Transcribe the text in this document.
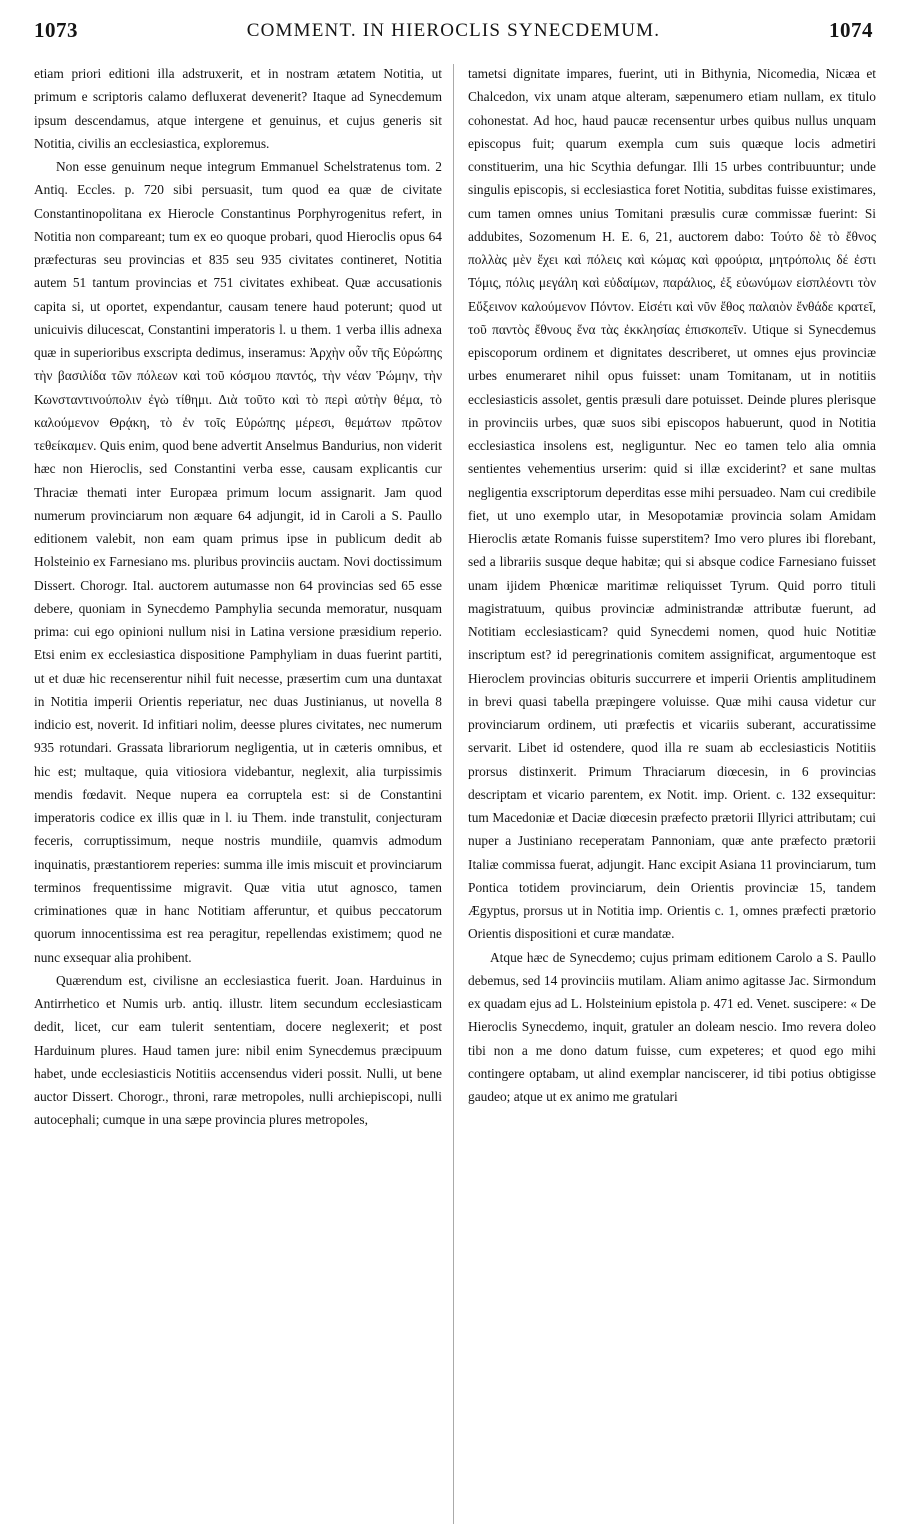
1073	COMMENT. IN HIEROCLIS SYNECDEMUM.	1074

etiam priori editioni illa adstruxerit, et in nostram ætatem Notitia, ut primum e scriptoris calamo defluxerat devenerit? Itaque ad Synecdemum ipsum descendamus, atque intergene et genuinus, et cujus generis sit Notitia, civilis an ecclesiastica, exploremus.

Non esse genuinum neque integrum Emmanuel Schelstratenus tom. 2 Antiq. Eccles. p. 720 sibi persuasit, tum quod ea quæ de civitate Constantinopolitana ex Hierocle Constantinus Porphyrogenitus refert, in Notitia non compareant; tum ex eo quoque probari, quod Hieroclis opus 64 præfecturas seu provincias et 835 seu 935 civitates contineret, Notitia autem 51 tantum provincias et 751 civitates exhibeat. Quæ accusationis capita si, ut oportet, expendantur, causam tenere haud poterunt; quod ut unicuivis dilucescat, Constantini imperatoris l. u them. 1 verba illis adnexa quæ in superioribus exscripta dedimus, inseramus: Ἀρχὴν οὖν τῆς Εὐρώπης τὴν βασιλίδα τῶν πόλεων καὶ τοῦ κόσμου παντός, τὴν νέαν Ῥώμην, τὴν Κωνσταντινούπολιν ἐγὼ τίθημι. Διὰ τοῦτο καὶ τὸ περὶ αὐτὴν θέμα, τὸ καλούμενον Θρᾴκη, τὸ ἐν τοῖς Εὐρώπης μέρεσι, θεμάτων πρῶτον τεθείκαμεν. Quis enim, quod bene advertit Anselmus Bandurius, non viderit hæc non Hieroclis, sed Constantini verba esse, causam explicantis cur Thraciæ themati inter Europæa primum locum assignarit. Jam quod numerum provinciarum non æquare 64 adjungit, id in Caroli a S. Paullo editionem valebit, non eam quam primus ipse in publicum dedit ab Holsteinio ex Farnesiano ms. pluribus provinciis auctam. Novi doctissimum Dissert. Chorogr. Ital. auctorem autumasse non 64 provincias sed 65 esse debere, quoniam in Synecdemo Pamphylia secunda memoratur, nusquam prima: cui ego opinioni nullum nisi in Latina versione præsidium reperio. Etsi enim ex ecclesiastica dispositione Pamphyliam in duas fuerint partiti, ut et duæ hic recenserentur nihil fuit necesse, præsertim cum una duntaxat in Notitia imperii Orientis reperiatur, nec duas Justinianus, ut novella 8 indicio est, noverit. Id infitiari nolim, deesse plures civitates, nec numerum 935 rotundari. Grassata librariorum negligentia, ut in cæteris omnibus, et hic est; multaque, quia vitiosiora videbantur, neglexit, alia turpissimis mendis fœdavit. Neque nupera ea corruptela est: si de Constantini imperatoris codice ex illis quæ in l. iu Them. inde transtulit, conjecturam feceris, corruptissimum, neque nostris mundiile, quamvis admodum inquinatis, præstantiorem reperies: summa ille imis miscuit et provinciarum terminos frequentissime migravit. Quæ vitia utut agnosco, tamen criminationes quæ in hanc Notitiam afferuntur, et quibus peccatorum quorum innocentissima est rea peragitur, repellendas existimem; quod ne nunc exsequar alia prohibent.

Quærendum est, civilisne an ecclesiastica fuerit. Joan. Harduinus in Antirrhetico et Numis urb. antiq. illustr. litem secundum ecclesiasticam dedit, licet, cur eam tulerit sententiam, docere neglexerit; et post Harduinum plures. Haud tamen jure: nibil enim Synecdemus præcipuum habet, unde ecclesiasticis Notitiis accensendus videri possit. Nulli, ut bene auctor Dissert. Chorogr., throni, raræ metropoles, nulli archiepiscopi, nulli autocephali; cumque in una sæpe provincia plures metropoles,

tametsi dignitate impares, fuerint, uti in Bithynia, Nicomedia, Nicæa et Chalcedon, vix unam atque alteram, sæpenumero etiam nullam, ex titulo cohonestat. Ad hoc, haud paucæ recensentur urbes quibus nullus unquam episcopus fuit; quarum exempla cum suis quæque locis admetiri constituerim, una hic Scythia defungar. Illi 15 urbes contribuuntur; unde singulis episcopis, si ecclesiastica foret Notitia, subditas fuisse existimares, cum tamen omnes unius Tomitani præsulis curæ commissæ fuerint: Si addubites, Sozomenum H. E. 6, 21, auctorem dabo: Τούτο δὲ τὸ ἔθνος πολλὰς μὲν ἔχει καὶ πόλεις καὶ κώμας καὶ φρούρια, μητρόπολις δέ ἐστι Τόμις, πόλις μεγάλη καὶ εὐδαίμων, παράλιος, ἐξ εὐωνύμων εἰσπλέοντι τὸν Εὔξεινον καλούμενον Πόντον. Εἰσέτι καὶ νῦν ἔθος παλαιὸν ἔνθάδε κρατεῖ, τοῦ παντὸς ἔθνους ἕνα τὰς ἐκκλησίας ἐπισκοπεῖν. Utique si Synecdemus episcoporum ordinem et dignitates describeret, ut omnes ejus provinciæ urbes enumeraret nihil opus fuisset: unam Tomitanam, ut in notitiis ecclesiasticis assolet, gentis præsuli dare potuisset. Deinde plures plerisque in provinciis urbes, quæ suos sibi episcopos habuerunt, quod in Notitia ecclesiastica insolens est, negliguntur. Nec eo tamen telo alia omnia sentientes vehementius urserim: quid si illæ exciderint? et sane multas negligentia exscriptorum deperditas esse mihi persuadeo. Nam cui credibile fiet, ut uno exemplo utar, in Mesopotamiæ provincia solam Amidam Hieroclis ætate Romanis fuisse superstitem? Imo vero plures ibi florebant, sed a librariis susque deque habitæ; qui si absque codice Farnesiano fuisset unam ijidem Phœnicæ maritimæ reliquisset Tyrum. Quid porro tituli magistratuum, quibus provinciæ administrandæ attributæ fuerunt, ad Notitiam ecclesiasticam? quid Synecdemi nomen, quod huic Notitiæ inscriptum est? id peregrinationis comitem assignificat, argumentoque est Hieroclem provincias obituris succurrere et imperii Orientis amplitudinem in brevi quasi tabella præpingere voluisse. Quæ mihi causa videtur cur provinciarum ordinem, uti præfectis et vicariis suberant, accuratissime servarit. Libet id ostendere, quod illa re suam ab ecclesiasticis Notitiis prorsus distinxerit. Primum Thraciarum diœcesin, in 6 provincias descriptam et vicario parentem, ex Notit. imp. Orient. c. 132 exsequitur: tum Macedoniæ et Daciæ diœcesin præfecto prætorii Illyrici attributam; cui nuper a Justiniano receperatam Pannoniam, quæ ante præfecto prætorii Italiæ commissa fuerat, adjungit. Hanc excipit Asiana 11 provinciarum, tum Pontica totidem provinciarum, dein Orientis provinciæ 15, tandem Ægyptus, prorsus ut in Notitia imp. Orientis c. 1, omnes præfecti prætorio Orientis dispositioni et curæ mandatæ.

Atque hæc de Synecdemo; cujus primam editionem Carolo a S. Paullo debemus, sed 14 provinciis mutilam. Aliam animo agitasse Jac. Sirmondum ex quadam ejus ad L. Holsteinium epistola p. 471 ed. Venet. suscipere: « De Hieroclis Synecdemo, inquit, gratuler an doleam nescio. Imo revera doleo tibi non a me dono datum fuisse, cum expeteres; et quod ego mihi contingere optabam, ut alind exemplar nanciscerer, id tibi potius obtigisse gaudeo; atque ut ex animo me gratulari
